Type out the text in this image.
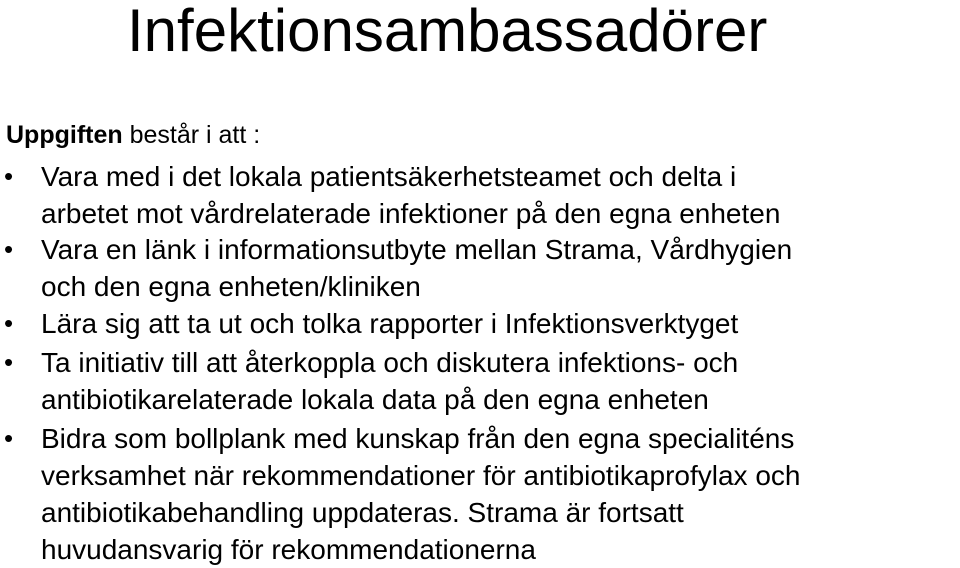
Infektionsambassadörer
Uppgiften består i att :
• Vara med i det lokala patientsäkerhetsteamet och delta i
arbetet mot vårdrelaterade infektioner på den egna enheten
• Vara en länk i informationsutbyte mellan Strama, Vårdhygien
och den egna enheten/kliniken
• Lära sig att ta ut och tolka rapporter i Infektionsverktyget
• Ta initiativ till att återkoppla och diskutera infektions- och
antibiotikarelaterade lokala data på den egna enheten
• Bidra som bollplank med kunskap från den egna specialiténs
verksamhet när rekommendationer för antibiotikaprofylax och
antibiotikabehandling uppdateras. Strama är fortsatt
huvudansvarig för rekommendationerna
